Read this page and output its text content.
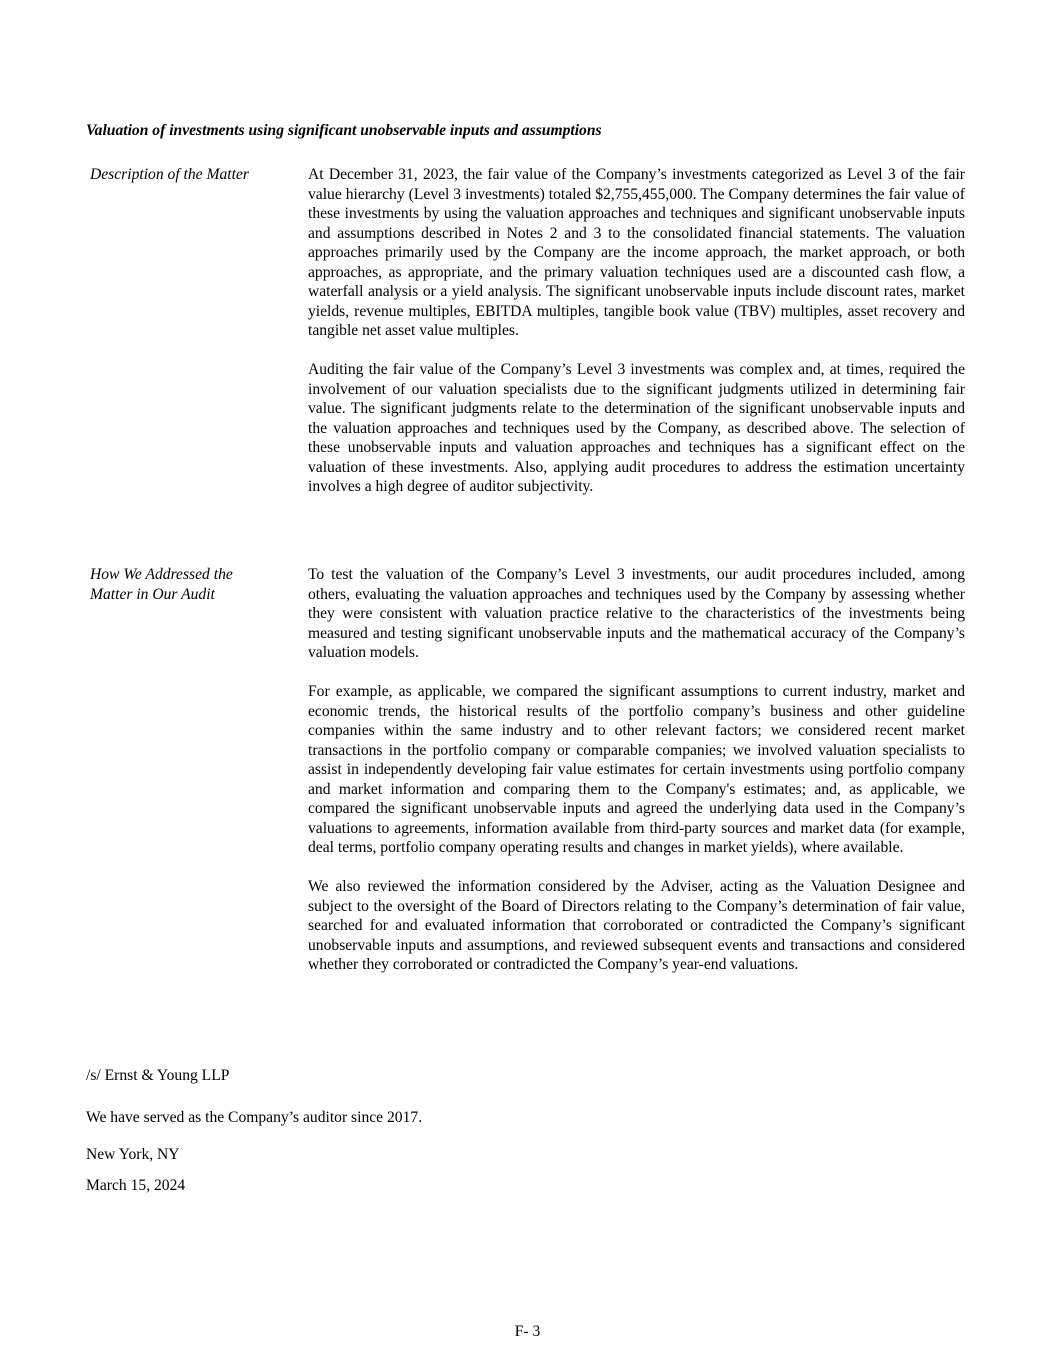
Valuation of investments using significant unobservable inputs and assumptions
Description of the Matter	At December 31, 2023, the fair value of the Company’s investments categorized as Level 3 of the fair value hierarchy (Level 3 investments) totaled $2,755,455,000. The Company determines the fair value of these investments by using the valuation approaches and techniques and significant unobservable inputs and assumptions described in Notes 2 and 3 to the consolidated financial statements. The valuation approaches primarily used by the Company are the income approach, the market approach, or both approaches, as appropriate, and the primary valuation techniques used are a discounted cash flow, a waterfall analysis or a yield analysis. The significant unobservable inputs include discount rates, market yields, revenue multiples, EBITDA multiples, tangible book value (TBV) multiples, asset recovery and tangible net asset value multiples.

Auditing the fair value of the Company’s Level 3 investments was complex and, at times, required the involvement of our valuation specialists due to the significant judgments utilized in determining fair value. The significant judgments relate to the determination of the significant unobservable inputs and the valuation approaches and techniques used by the Company, as described above. The selection of these unobservable inputs and valuation approaches and techniques has a significant effect on the valuation of these investments. Also, applying audit procedures to address the estimation uncertainty involves a high degree of auditor subjectivity.

How We Addressed the Matter in Our Audit

To test the valuation of the Company’s Level 3 investments, our audit procedures included, among others, evaluating the valuation approaches and techniques used by the Company by assessing whether they were consistent with valuation practice relative to the characteristics of the investments being measured and testing significant unobservable inputs and the mathematical accuracy of the Company’s valuation models.

For example, as applicable, we compared the significant assumptions to current industry, market and economic trends, the historical results of the portfolio company’s business and other guideline companies within the same industry and to other relevant factors; we considered recent market transactions in the portfolio company or comparable companies; we involved valuation specialists to assist in independently developing fair value estimates for certain investments using portfolio company and market information and comparing them to the Company's estimates; and, as applicable, we compared the significant unobservable inputs and agreed the underlying data used in the Company’s valuations to agreements, information available from third-party sources and market data (for example, deal terms, portfolio company operating results and changes in market yields), where available.

We also reviewed the information considered by the Adviser, acting as the Valuation Designee and subject to the oversight of the Board of Directors relating to the Company’s determination of fair value, searched for and evaluated information that corroborated or contradicted the Company’s significant unobservable inputs and assumptions, and reviewed subsequent events and transactions and considered whether they corroborated or contradicted the Company’s year-end valuations.

/s/ Ernst & Young LLP
We have served as the Company’s auditor since 2017.
New York, NY
March 15, 2024
F- 3
